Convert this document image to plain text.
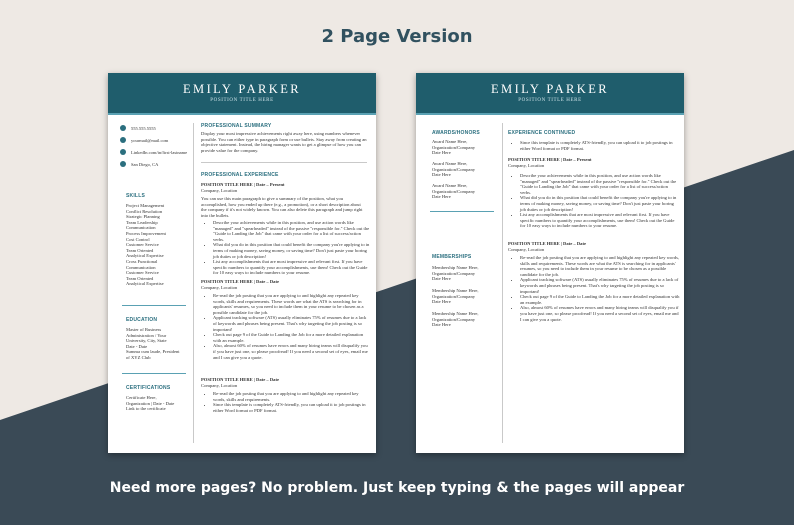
2 Page Version
EMILY PARKER
POSITION TITLE HERE
555.555.5555
yourmail@mail.com
LinkedIn.com/in/first-lastname
San Diego, CA
SKILLS
Project Management
Conflict Resolution
Strategic Planning
Team Leadership
Communication
Process Improvement
Cost Control
Customer Service
Team Oriented
Analytical Expertise
Cross Functional
Communication
Customer Service
Team Oriented
Analytical Expertise
EDUCATION
Master of Business
Administration / Your
University, City, State
Date - Date
Summa cum laude, President
of XYZ Club
CERTIFICATIONS
Certificate Here,
Organization | Date - Date
Link to the certificate
PROFESSIONAL SUMMARY
Display your most impressive achievements right away here, using numbers whenever possible. You can either type in paragraph form or use bullets. Stay away from creating an objective statement. Instead, the hiring manager wants to get a glimpse of how you can provide value for the company.
PROFESSIONAL EXPERIENCE
POSITION TITLE HERE | Date – Present
Company, Location
You can use this main paragraph to give a summary of the position, what you accomplished, how you ended up there (e.g., a promotion), or a short description about the company if it's not widely known. You can also delete this paragraph and jump right into the bullets.
• Describe your achievements while in this position, and use action words like "managed" and "spearheaded" instead of the passive "responsible for." Check out the "Guide to Landing the Job" that came with your order for a list of success/action verbs.
• What did you do in this position that could benefit the company you're applying to in terms of making money, saving money, or saving time? Don't just paste your boring job duties or job description!
• List any accomplishments that are most impressive and relevant first. If you have specific numbers to quantify your accomplishments, use them! Check out the Guide for 10 easy ways to include numbers to your resume.
POSITION TITLE HERE | Date – Date
Company, Location
• Re-read the job posting that you are applying to and highlight any repeated key words, skills and requirements. These words are what the ATS is searching for in applicants' resumes, so you need to include them in your resume to be chosen as a possible candidate for the job.
• Applicant tracking software (ATS) usually eliminates 75% of resumes due to a lack of keywords and phrases being present. That's why targeting the job posting is so important!
• Check out page 9 of the Guide to Landing the Job for a more detailed explanation with an example.
• Also, almost 60% of resumes have errors and many hiring teams will disqualify you if you have just one, so please proofread! If you need a second set of eyes, email me and I can give you a quote.
POSITION TITLE HERE | Date – Date
Company, Location
• Re-read the job posting that you are applying to and highlight any repeated key words, skills and requirements.
• Since this template is completely ATS-friendly, you can upload it to job postings in either Word format or PDF format.
EMILY PARKER
POSITION TITLE HERE
AWARDS/HONORS
Award Name Here,
Organization/Company
Date Here
Award Name Here,
Organization/Company
Date Here
Award Name Here,
Organization/Company
Date Here
MEMBERSHIPS
Membership Name Here,
Organization/Company
Date Here
Membership Name Here,
Organization/Company
Date Here
Membership Name Here,
Organization/Company
Date Here
EXPERIENCE CONTINUED
• Since this template is completely ATS-friendly, you can upload it to job postings in either Word format or PDF format.
POSITION TITLE HERE | Date – Present
Company, Location
• Describe your achievements while in this position, and use action words like "managed" and "spearheaded" instead of the passive "responsible for." Check out the "Guide to Landing the Job" that came with your order for a list of success/action verbs.
• What did you do in this position that could benefit the company you're applying to in terms of making money, saving money, or saving time? Don't just paste your boring job duties or job description!
• List any accomplishments that are most impressive and relevant first. If you have specific numbers to quantify your accomplishments, use them! Check out the Guide for 10 easy ways to include numbers to your resume.
POSITION TITLE HERE | Date – Date
Company, Location
• Re-read the job posting that you are applying to and highlight any repeated key words, skills and requirements. These words are what the ATS is searching for in applicants' resumes, so you need to include them in your resume to be chosen as a possible candidate for the job.
• Applicant tracking software (ATS) usually eliminates 75% of resumes due to a lack of keywords and phrases being present. That's why targeting the job posting is so important!
• Check out page 9 of the Guide to Landing the Job for a more detailed explanation with an example.
• Also, almost 60% of resumes have errors and many hiring teams will disqualify you if you have just one, so please proofread! If you need a second set of eyes, email me and I can give you a quote.
Need more pages? No problem. Just keep typing & the pages will appear
